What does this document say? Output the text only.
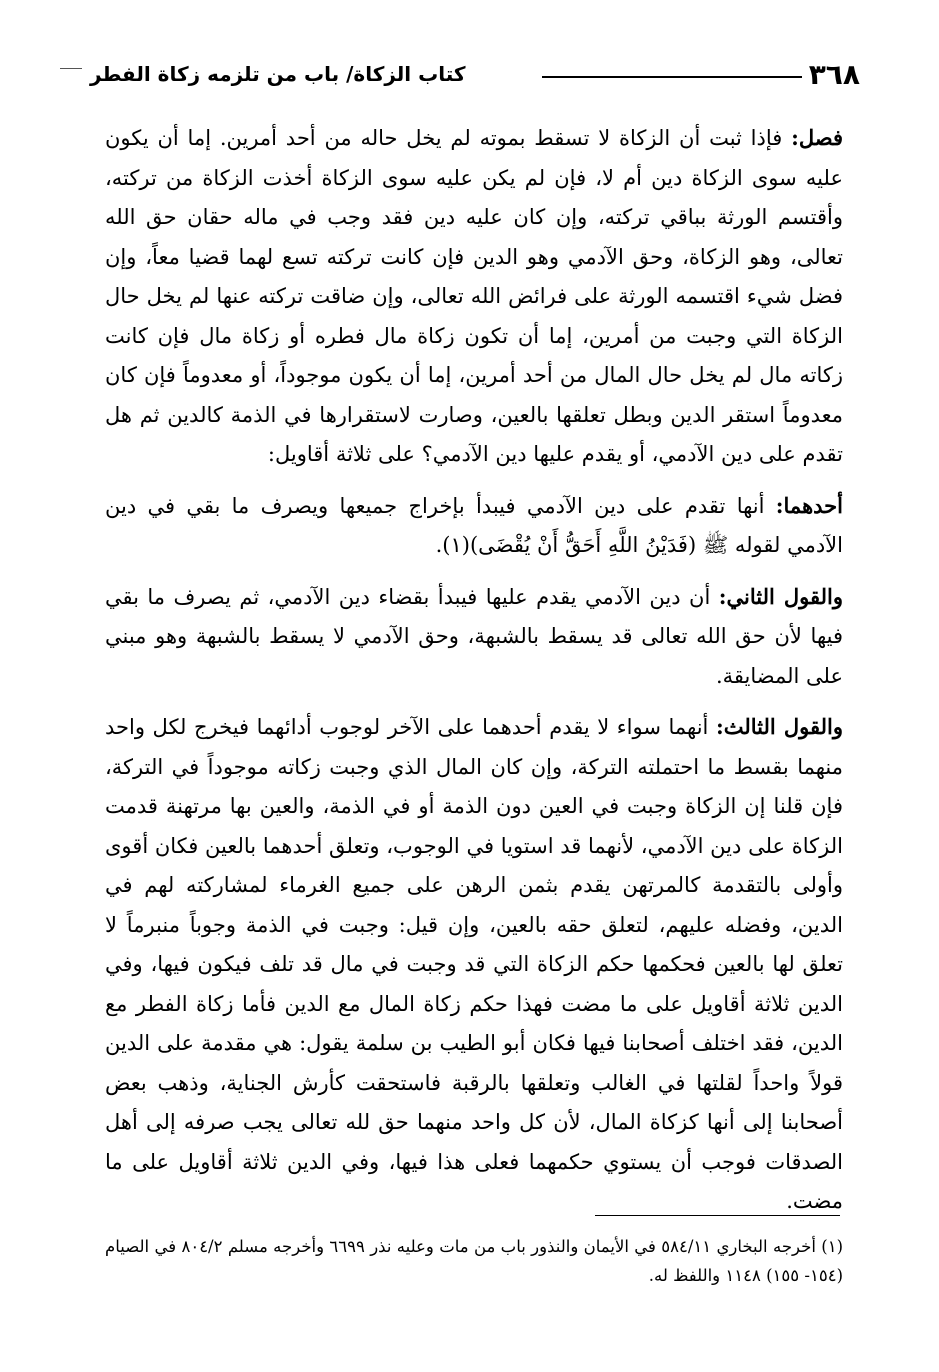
٣٦٨
كتاب الزكاة/ باب من تلزمه زكاة الفطر

فصل: فإذا ثبت أن الزكاة لا تسقط بموته لم يخل حاله من أحد أمرين. إما أن يكون عليه سوى الزكاة دين أم لا، فإن لم يكن عليه سوى الزكاة أخذت الزكاة من تركته، وأقتسم الورثة بباقي تركته، وإن كان عليه دين فقد وجب في ماله حقان حق الله تعالى، وهو الزكاة، وحق الآدمي وهو الدين فإن كانت تركته تسع لهما قضيا معاً، وإن فضل شيء اقتسمه الورثة على فرائض الله تعالى، وإن ضاقت تركته عنها لم يخل حال الزكاة التي وجبت من أمرين، إما أن تكون زكاة مال فطره أو زكاة مال فإن كانت زكاته مال لم يخل حال المال من أحد أمرين، إما أن يكون موجوداً، أو معدوماً فإن كان معدوماً استقر الدين وبطل تعلقها بالعين، وصارت لاستقرارها في الذمة كالدين ثم هل تقدم على دين الآدمي، أو يقدم عليها دين الآدمي؟ على ثلاثة أقاويل:

أحدهما: أنها تقدم على دين الآدمي فيبدأ بإخراج جميعها ويصرف ما بقي في دين الآدمي لقوله ﷺ (فَدَيْنُ اللَّهِ أَحَقُّ أَنْ يُقْضَى)(١).

والقول الثاني: أن دين الآدمي يقدم عليها فيبدأ بقضاء دين الآدمي، ثم يصرف ما بقي فيها لأن حق الله تعالى قد يسقط بالشبهة، وحق الآدمي لا يسقط بالشبهة وهو مبني على المضايقة.

والقول الثالث: أنهما سواء لا يقدم أحدهما على الآخر لوجوب أدائهما فيخرج لكل واحد منهما بقسط ما احتملته التركة، وإن كان المال الذي وجبت زكاته موجوداً في التركة، فإن قلنا إن الزكاة وجبت في العين دون الذمة أو في الذمة، والعين بها مرتهنة قدمت الزكاة على دين الآدمي، لأنهما قد استويا في الوجوب، وتعلق أحدهما بالعين فكان أقوى وأولى بالتقدمة كالمرتهن يقدم بثمن الرهن على جميع الغرماء لمشاركته لهم في الدين، وفضله عليهم، لتعلق حقه بالعين، وإن قيل: وجبت في الذمة وجوباً منبرماً لا تعلق لها بالعين فحكمها حكم الزكاة التي قد وجبت في مال قد تلف فيكون فيها، وفي الدين ثلاثة أقاويل على ما مضت فهذا حكم زكاة المال مع الدين فأما زكاة الفطر مع الدين، فقد اختلف أصحابنا فيها فكان أبو الطيب بن سلمة يقول: هي مقدمة على الدين قولاً واحداً لقلتها في الغالب وتعلقها بالرقبة فاستحقت كأرش الجناية، وذهب بعض أصحابنا إلى أنها كزكاة المال، لأن كل واحد منهما حق لله تعالى يجب صرفه إلى أهل الصدقات فوجب أن يستوي حكمهما فعلى هذا فيها، وفي الدين ثلاثة أقاويل على ما مضت.

(١) أخرجه البخاري ٥٨٤/١١ في الأيمان والنذور باب من مات وعليه نذر ٦٦٩٩ وأخرجه مسلم ٨٠٤/٢ في الصيام (١٥٤- ١٥٥) ١١٤٨ واللفظ له.
